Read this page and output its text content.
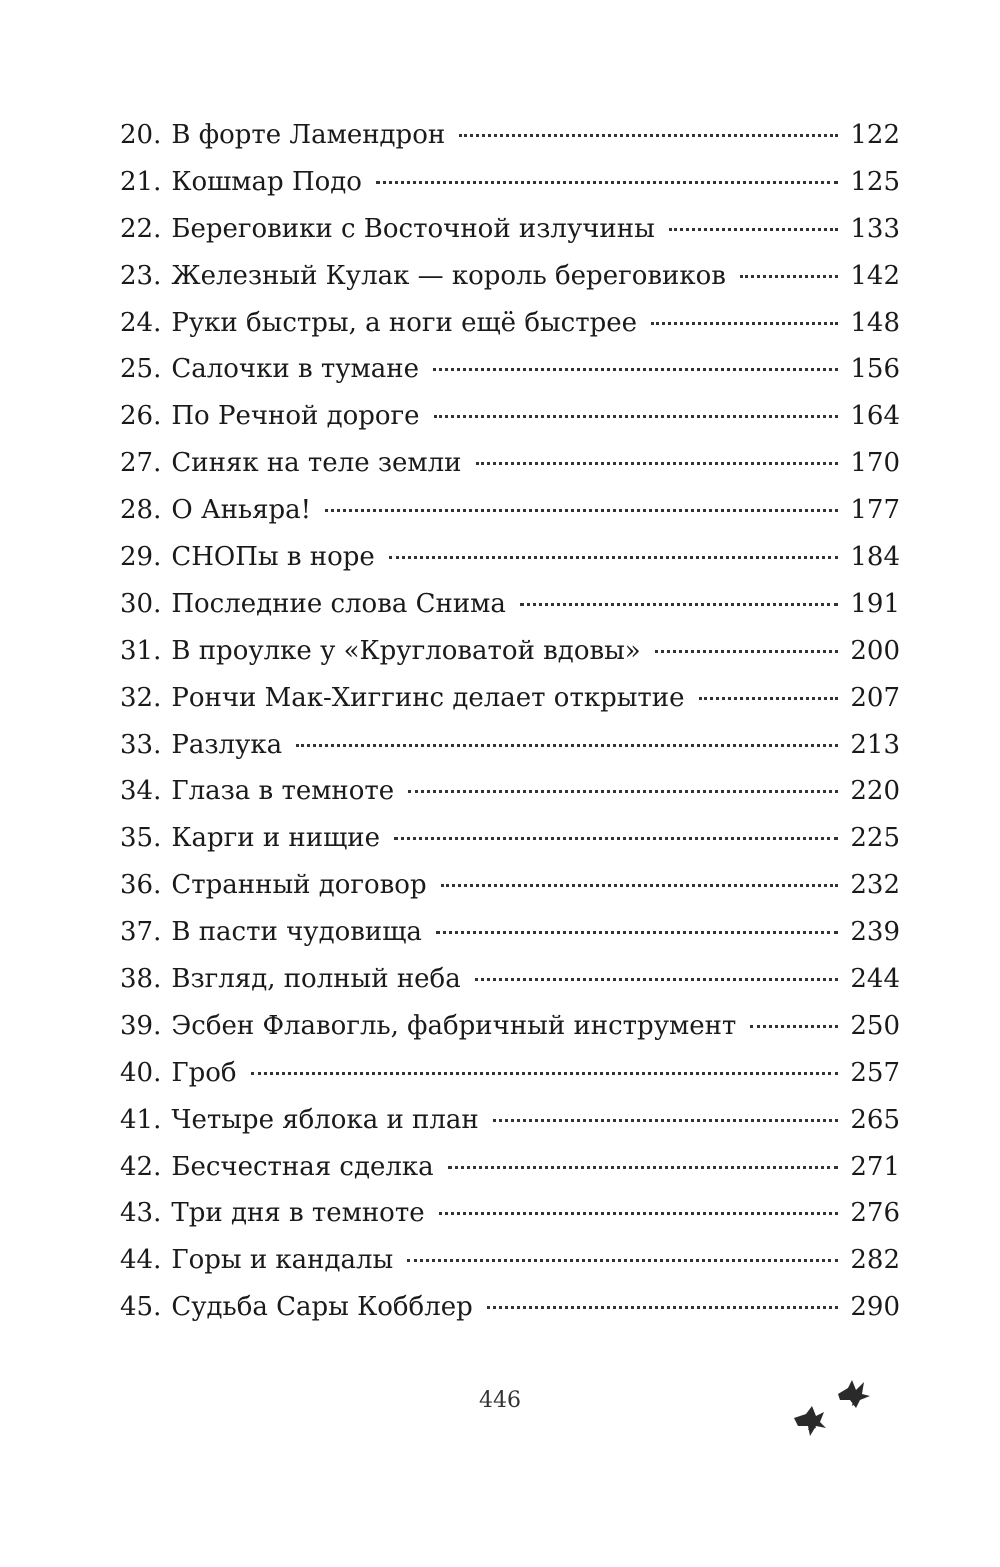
20. В форте Ламендрон	122
21. Кошмар Подо	125
22. Береговики с Восточной излучины	133
23. Железный Кулак — король береговиков	142
24. Руки быстры, а ноги ещё быстрее	148
25. Салочки в тумане	156
26. По Речной дороге	164
27. Синяк на теле земли	170
28. О Аньяра!	177
29. СНОПы в норе	184
30. Последние слова Снима	191
31. В проулке у «Кругловатой вдовы»	200
32. Рончи Мак-Хиггинс делает открытие	207
33. Разлука	213
34. Глаза в темноте	220
35. Карги и нищие	225
36. Странный договор	232
37. В пасти чудовища	239
38. Взгляд, полный неба	244
39. Эсбен Флавогль, фабричный инструмент	250
40. Гроб	257
41. Четыре яблока и план	265
42. Бесчестная сделка	271
43. Три дня в темноте	276
44. Горы и кандалы	282
45. Судьба Сары Кобблер	290
446
